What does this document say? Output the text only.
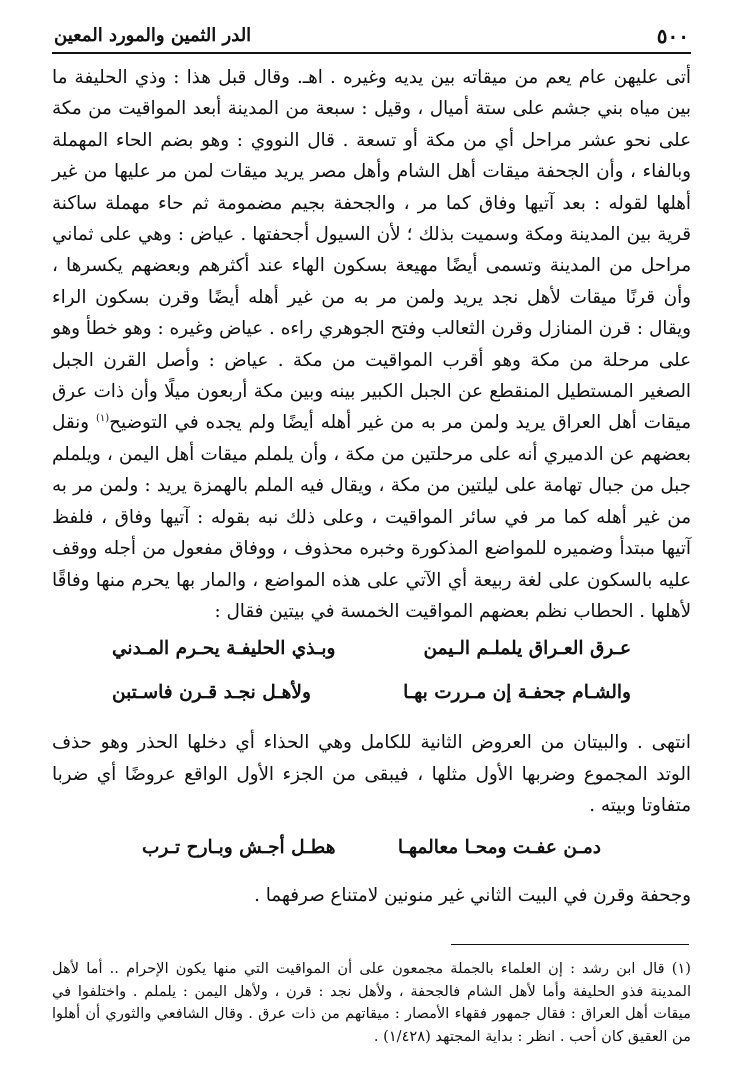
٥٠٠
الدر الثمين والمورد المعين

أتى عليهن عام يعم من ميقاته بين يديه وغيره . اهـ. وقال قبل هذا : وذي الحليفة ما بين مياه بني جشم على ستة أميال ، وقيل : سبعة من المدينة أبعد المواقيت من مكة على نحو عشر مراحل أي من مكة أو تسعة . قال النووي : وهو بضم الحاء المهملة وبالفاء ، وأن الجحفة ميقات أهل الشام وأهل مصر يريد ميقات لمن مر عليها من غير أهلها لقوله : بعد آتيها وفاق كما مر ، والجحفة بجيم مضمومة ثم حاء مهملة ساكنة قرية بين المدينة ومكة وسميت بذلك ؛ لأن السيول أجحفتها . عياض : وهي على ثماني مراحل من المدينة وتسمى أيضًا مهيعة بسكون الهاء عند أكثرهم وبعضهم يكسرها ، وأن قرنًا ميقات لأهل نجد يريد ولمن مر به من غير أهله أيضًا وقرن بسكون الراء ويقال : قرن المنازل وقرن الثعالب وفتح الجوهري راءه . عياض وغيره : وهو خطأ وهو على مرحلة من مكة وهو أقرب المواقيت من مكة . عياض : وأصل القرن الجبل الصغير المستطيل المنقطع عن الجبل الكبير بينه وبين مكة أربعون ميلًا وأن ذات عرق ميقات أهل العراق يريد ولمن مر به من غير أهله أيضًا ولم يجده في التوضيح$^{(١)}$ ونقل بعضهم عن الدميري أنه على مرحلتين من مكة ، وأن يلملم ميقات أهل اليمن ، ويلملم جبل من جبال تهامة على ليلتين من مكة ، ويقال فيه الملم بالهمزة يريد : ولمن مر به من غير أهله كما مر في سائر المواقيت ، وعلى ذلك نبه بقوله : آتيها وفاق ، فلفظ آتيها مبتدأ وضميره للمواضع المذكورة وخبره محذوف ، ووفاق مفعول من أجله ووقف عليه بالسكون على لغة ربيعة أي الآتي على هذه المواضع ، والمار بها يحرم منها وفاقًا لأهلها . الحطاب نظم بعضهم المواقيت الخمسة في بيتين فقال :

عـرق العـراق يلملـم الـيمن
وبـذي الحليفـة يحـرم المـدني
والشـام جحفـة إن مـررت بهـا
ولأهـل نجـد قـرن فاسـتبن

انتهى . والبيتان من العروض الثانية للكامل وهي الحذاء أي دخلها الحذر وهو حذف الوتد المجموع وضربها الأول مثلها ، فيبقى من الجزء الأول الواقع عروضًا أي ضربا متفاوتا وبيته .

دمـن عفـت ومحـا معالمهـا
هطـل أجـش وبـارح تـرب

وجحفة وقرن في البيت الثاني غير منونين لامتناع صرفهما .

(١) قال ابن رشد : إن العلماء بالجملة مجمعون على أن المواقيت التي منها يكون الإحرام .. أما لأهل المدينة فذو الحليفة وأما لأهل الشام فالجحفة ، ولأهل نجد : قرن ، ولأهل اليمن : يلملم . واختلفوا في ميقات أهل العراق : فقال جمهور فقهاء الأمصار : ميقاتهم من ذات عرق . وقال الشافعي والثوري أن أهلوا من العقيق كان أحب . انظر : بداية المجتهد (١/٤٢٨) .
